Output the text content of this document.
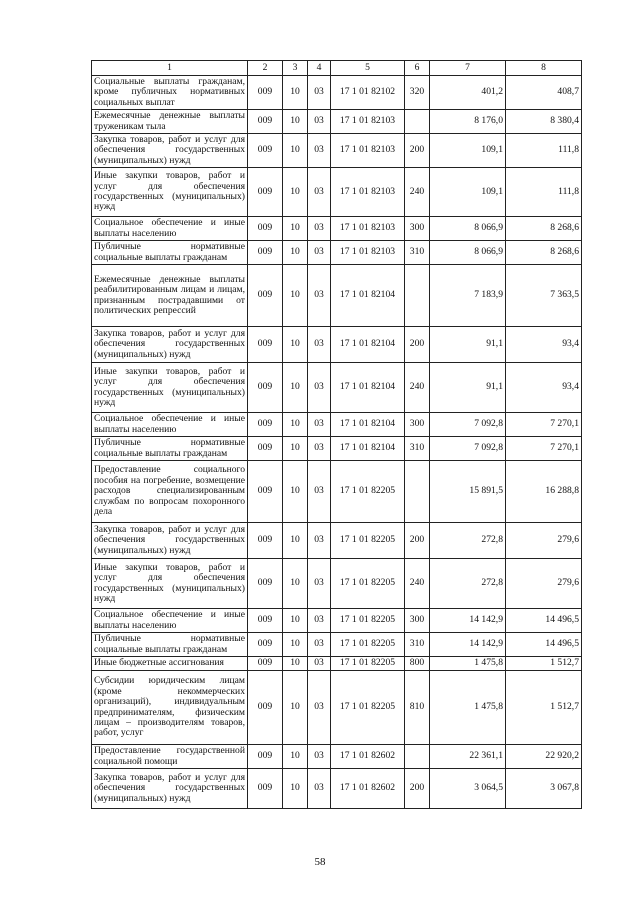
1	2	3	4	5	6	7	8
Социальные выплаты гражданам, кроме публичных нормативных социальных выплат	009	10	03	17 1 01 82102	320	401,2	408,7
Ежемесячные денежные выплаты труженикам тыла	009	10	03	17 1 01 82103		8 176,0	8 380,4
Закупка товаров, работ и услуг для обеспечения государственных (муниципальных) нужд	009	10	03	17 1 01 82103	200	109,1	111,8
Иные закупки товаров, работ и услуг для обеспечения государственных (муниципальных) нужд	009	10	03	17 1 01 82103	240	109,1	111,8
Социальное обеспечение и иные выплаты населению	009	10	03	17 1 01 82103	300	8 066,9	8 268,6
Публичные нормативные социальные выплаты гражданам	009	10	03	17 1 01 82103	310	8 066,9	8 268,6
Ежемесячные денежные выплаты реабилитированным лицам и лицам, признанным пострадавшими от политических репрессий	009	10	03	17 1 01 82104		7 183,9	7 363,5
Закупка товаров, работ и услуг для обеспечения государственных (муниципальных) нужд	009	10	03	17 1 01 82104	200	91,1	93,4
Иные закупки товаров, работ и услуг для обеспечения государственных (муниципальных) нужд	009	10	03	17 1 01 82104	240	91,1	93,4
Социальное обеспечение и иные выплаты населению	009	10	03	17 1 01 82104	300	7 092,8	7 270,1
Публичные нормативные социальные выплаты гражданам	009	10	03	17 1 01 82104	310	7 092,8	7 270,1
Предоставление социального пособия на погребение, возмещение расходов специализированным службам по вопросам похоронного дела	009	10	03	17 1 01 82205		15 891,5	16 288,8
Закупка товаров, работ и услуг для обеспечения государственных (муниципальных) нужд	009	10	03	17 1 01 82205	200	272,8	279,6
Иные закупки товаров, работ и услуг для обеспечения государственных (муниципальных) нужд	009	10	03	17 1 01 82205	240	272,8	279,6
Социальное обеспечение и иные выплаты населению	009	10	03	17 1 01 82205	300	14 142,9	14 496,5
Публичные нормативные социальные выплаты гражданам	009	10	03	17 1 01 82205	310	14 142,9	14 496,5
Иные бюджетные ассигнования	009	10	03	17 1 01 82205	800	1 475,8	1 512,7
Субсидии юридическим лицам (кроме некоммерческих организаций), индивидуальным предпринимателям, физическим лицам – производителям товаров, работ, услуг	009	10	03	17 1 01 82205	810	1 475,8	1 512,7
Предоставление государственной социальной помощи	009	10	03	17 1 01 82602		22 361,1	22 920,2
Закупка товаров, работ и услуг для обеспечения государственных (муниципальных) нужд	009	10	03	17 1 01 82602	200	3 064,5	3 067,8
58
